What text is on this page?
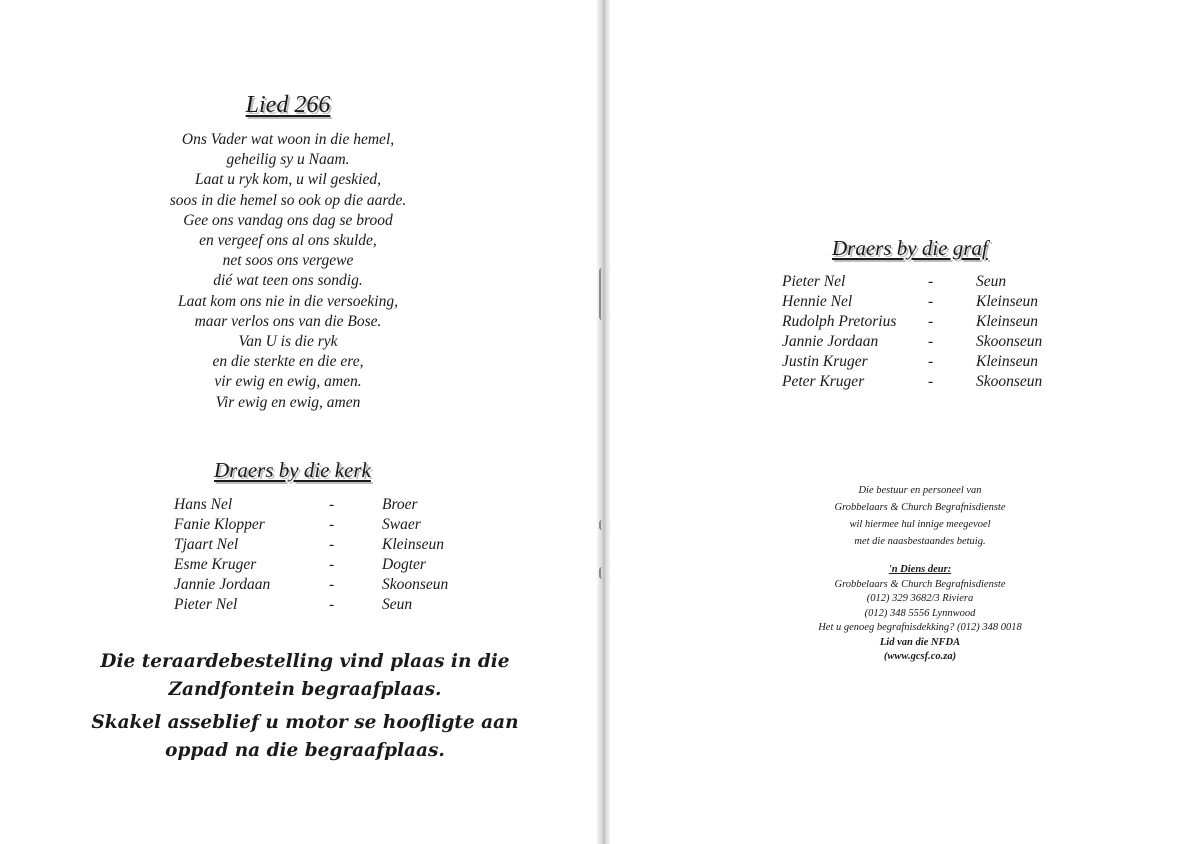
Lied 266
Ons Vader wat woon in die hemel,
geheilig sy u Naam.
Laat u ryk kom, u wil geskied,
soos in die hemel so ook op die aarde.
Gee ons vandag ons dag se brood
en vergeef ons al ons skulde,
net soos ons vergewe
dié wat teen ons sondig.
Laat kom ons nie in die versoeking,
maar verlos ons van die Bose.
Van U is die ryk
en die sterkte en die ere,
vir ewig en ewig, amen.
Vir ewig en ewig, amen
Draers by die kerk
Hans Nel	-	Broer
Fanie Klopper	-	Swaer
Tjaart Nel	-	Kleinseun
Esme Kruger	-	Dogter
Jannie Jordaan	-	Skoonseun
Pieter Nel	-	Seun

Die teraardebestelling vind plaas in die
Zandfontein begraafplaas.

Skakel asseblief u motor se hoofligte aan
oppad na die begraafplaas.

Draers by die graf
Pieter Nel	-	Seun
Hennie Nel	-	Kleinseun
Rudolph Pretorius	-	Kleinseun
Jannie Jordaan	-	Skoonseun
Justin Kruger	-	Kleinseun
Peter Kruger	-	Skoonseun
Die bestuur en personeel van
Grobbelaars & Church Begrafnisdienste
wil hiermee hul innige meegevoel
met die naasbestaandes betuig.
'n Diens deur:
Grobbelaars & Church Begrafnisdienste
(012) 329 3682/3 Riviera
(012) 348 5556 Lynnwood
Het u genoeg begrafnisdekking? (012) 348 0018
Lid van die NFDA
(www.gcsf.co.za)
